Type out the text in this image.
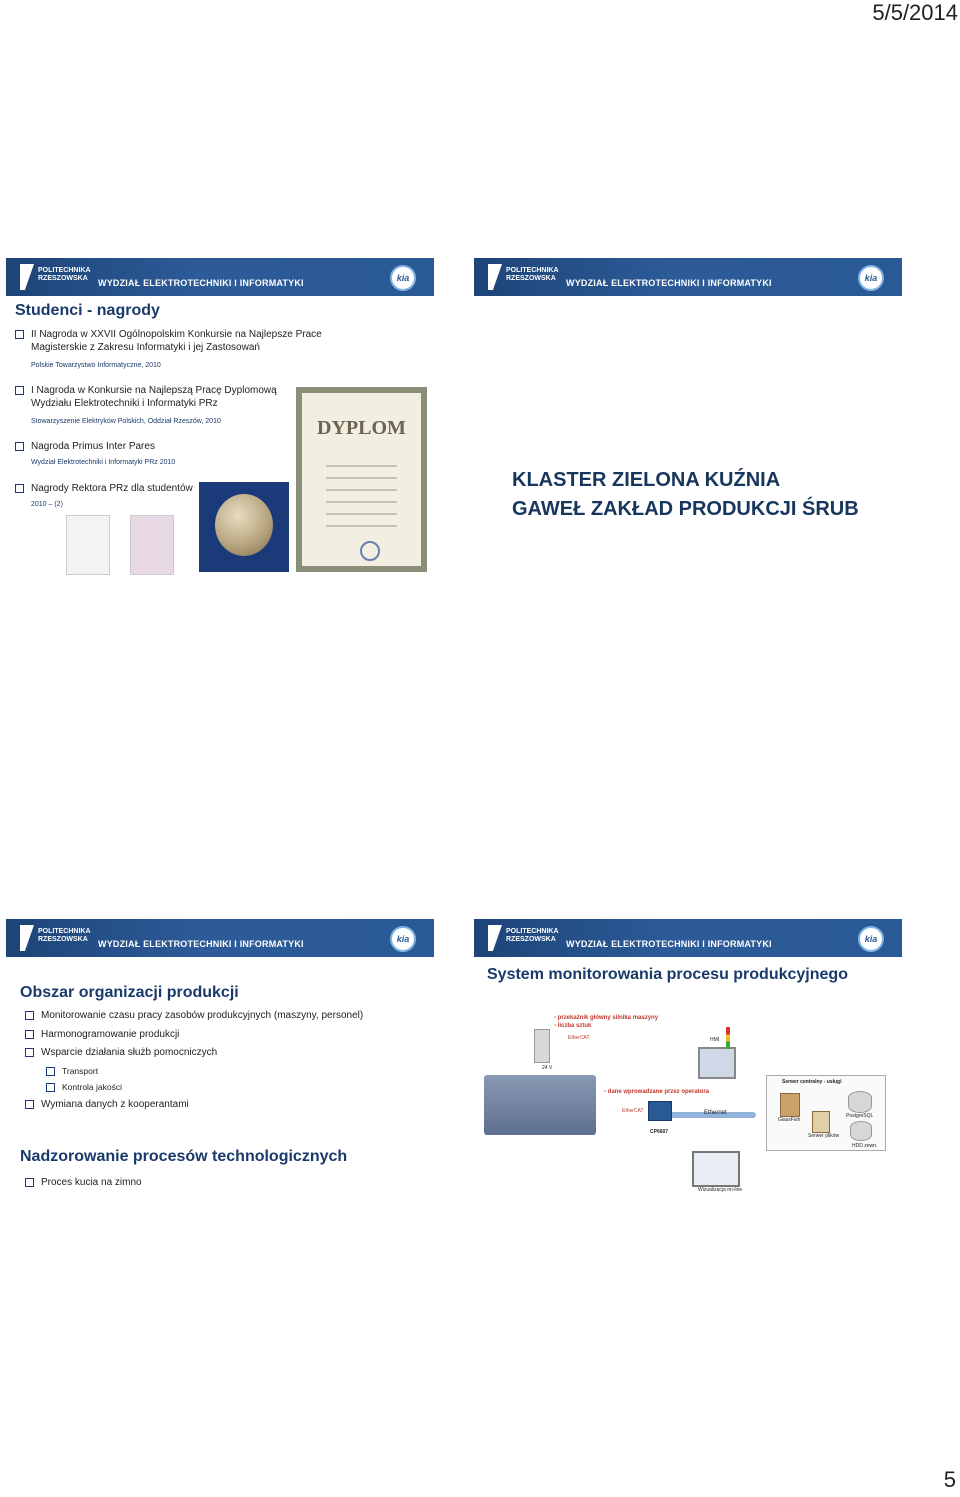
5/5/2014
POLITECHNIKA
RZESZOWSKA	WYDZIAŁ ELEKTROTECHNIKI I INFORMATYKI	kia
Studenci - nagrody
II Nagroda w XXVII Ogólnopolskim Konkursie na Najlepsze Prace Magisterskie z Zakresu Informatyki i jej Zastosowań
Polskie Towarzystwo Informatyczne, 2010
I Nagroda w Konkursie na Najlepszą Pracę Dyplomową Wydziału Elektrotechniki i Informatyki PRz
Stowarzyszenie Elektryków Polskich, Oddział Rzeszów, 2010
Nagroda Primus Inter Pares
Wydział Elektrotechniki i Informatyki PRz 2010
Nagrody Rektora PRz dla studentów
2010 – (2)
DYPLOM
POLITECHNIKA
RZESZOWSKA	WYDZIAŁ ELEKTROTECHNIKI I INFORMATYKI	kia
KLASTER ZIELONA KUŹNIA
GAWEŁ ZAKŁAD PRODUKCJI ŚRUB
POLITECHNIKA
RZESZOWSKA	WYDZIAŁ ELEKTROTECHNIKI I INFORMATYKI	kia
Obszar organizacji produkcji
Monitorowanie czasu pracy zasobów produkcyjnych (maszyny, personel)
Harmonogramowanie produkcji
Wsparcie działania służb pomocniczych
Transport
Kontrola jakości
Wymiana danych z kooperantami
Nadzorowanie procesów technologicznych
Proces kucia na zimno
POLITECHNIKA
RZESZOWSKA	WYDZIAŁ ELEKTROTECHNIKI I INFORMATYKI	kia
System monitorowania procesu produkcyjnego
- przekaźnik główny silnika maszyny
- liczba sztuk
EtherCAT	HMI
24 V
- dane wprowadzane przez operatora
EtherCAT	Ethernet
CP6607
Serwer centralny - usługi
GlassFish
PostgreSQL
Serwer plików
HDD zewn.
Wizualizacja on-line
5
